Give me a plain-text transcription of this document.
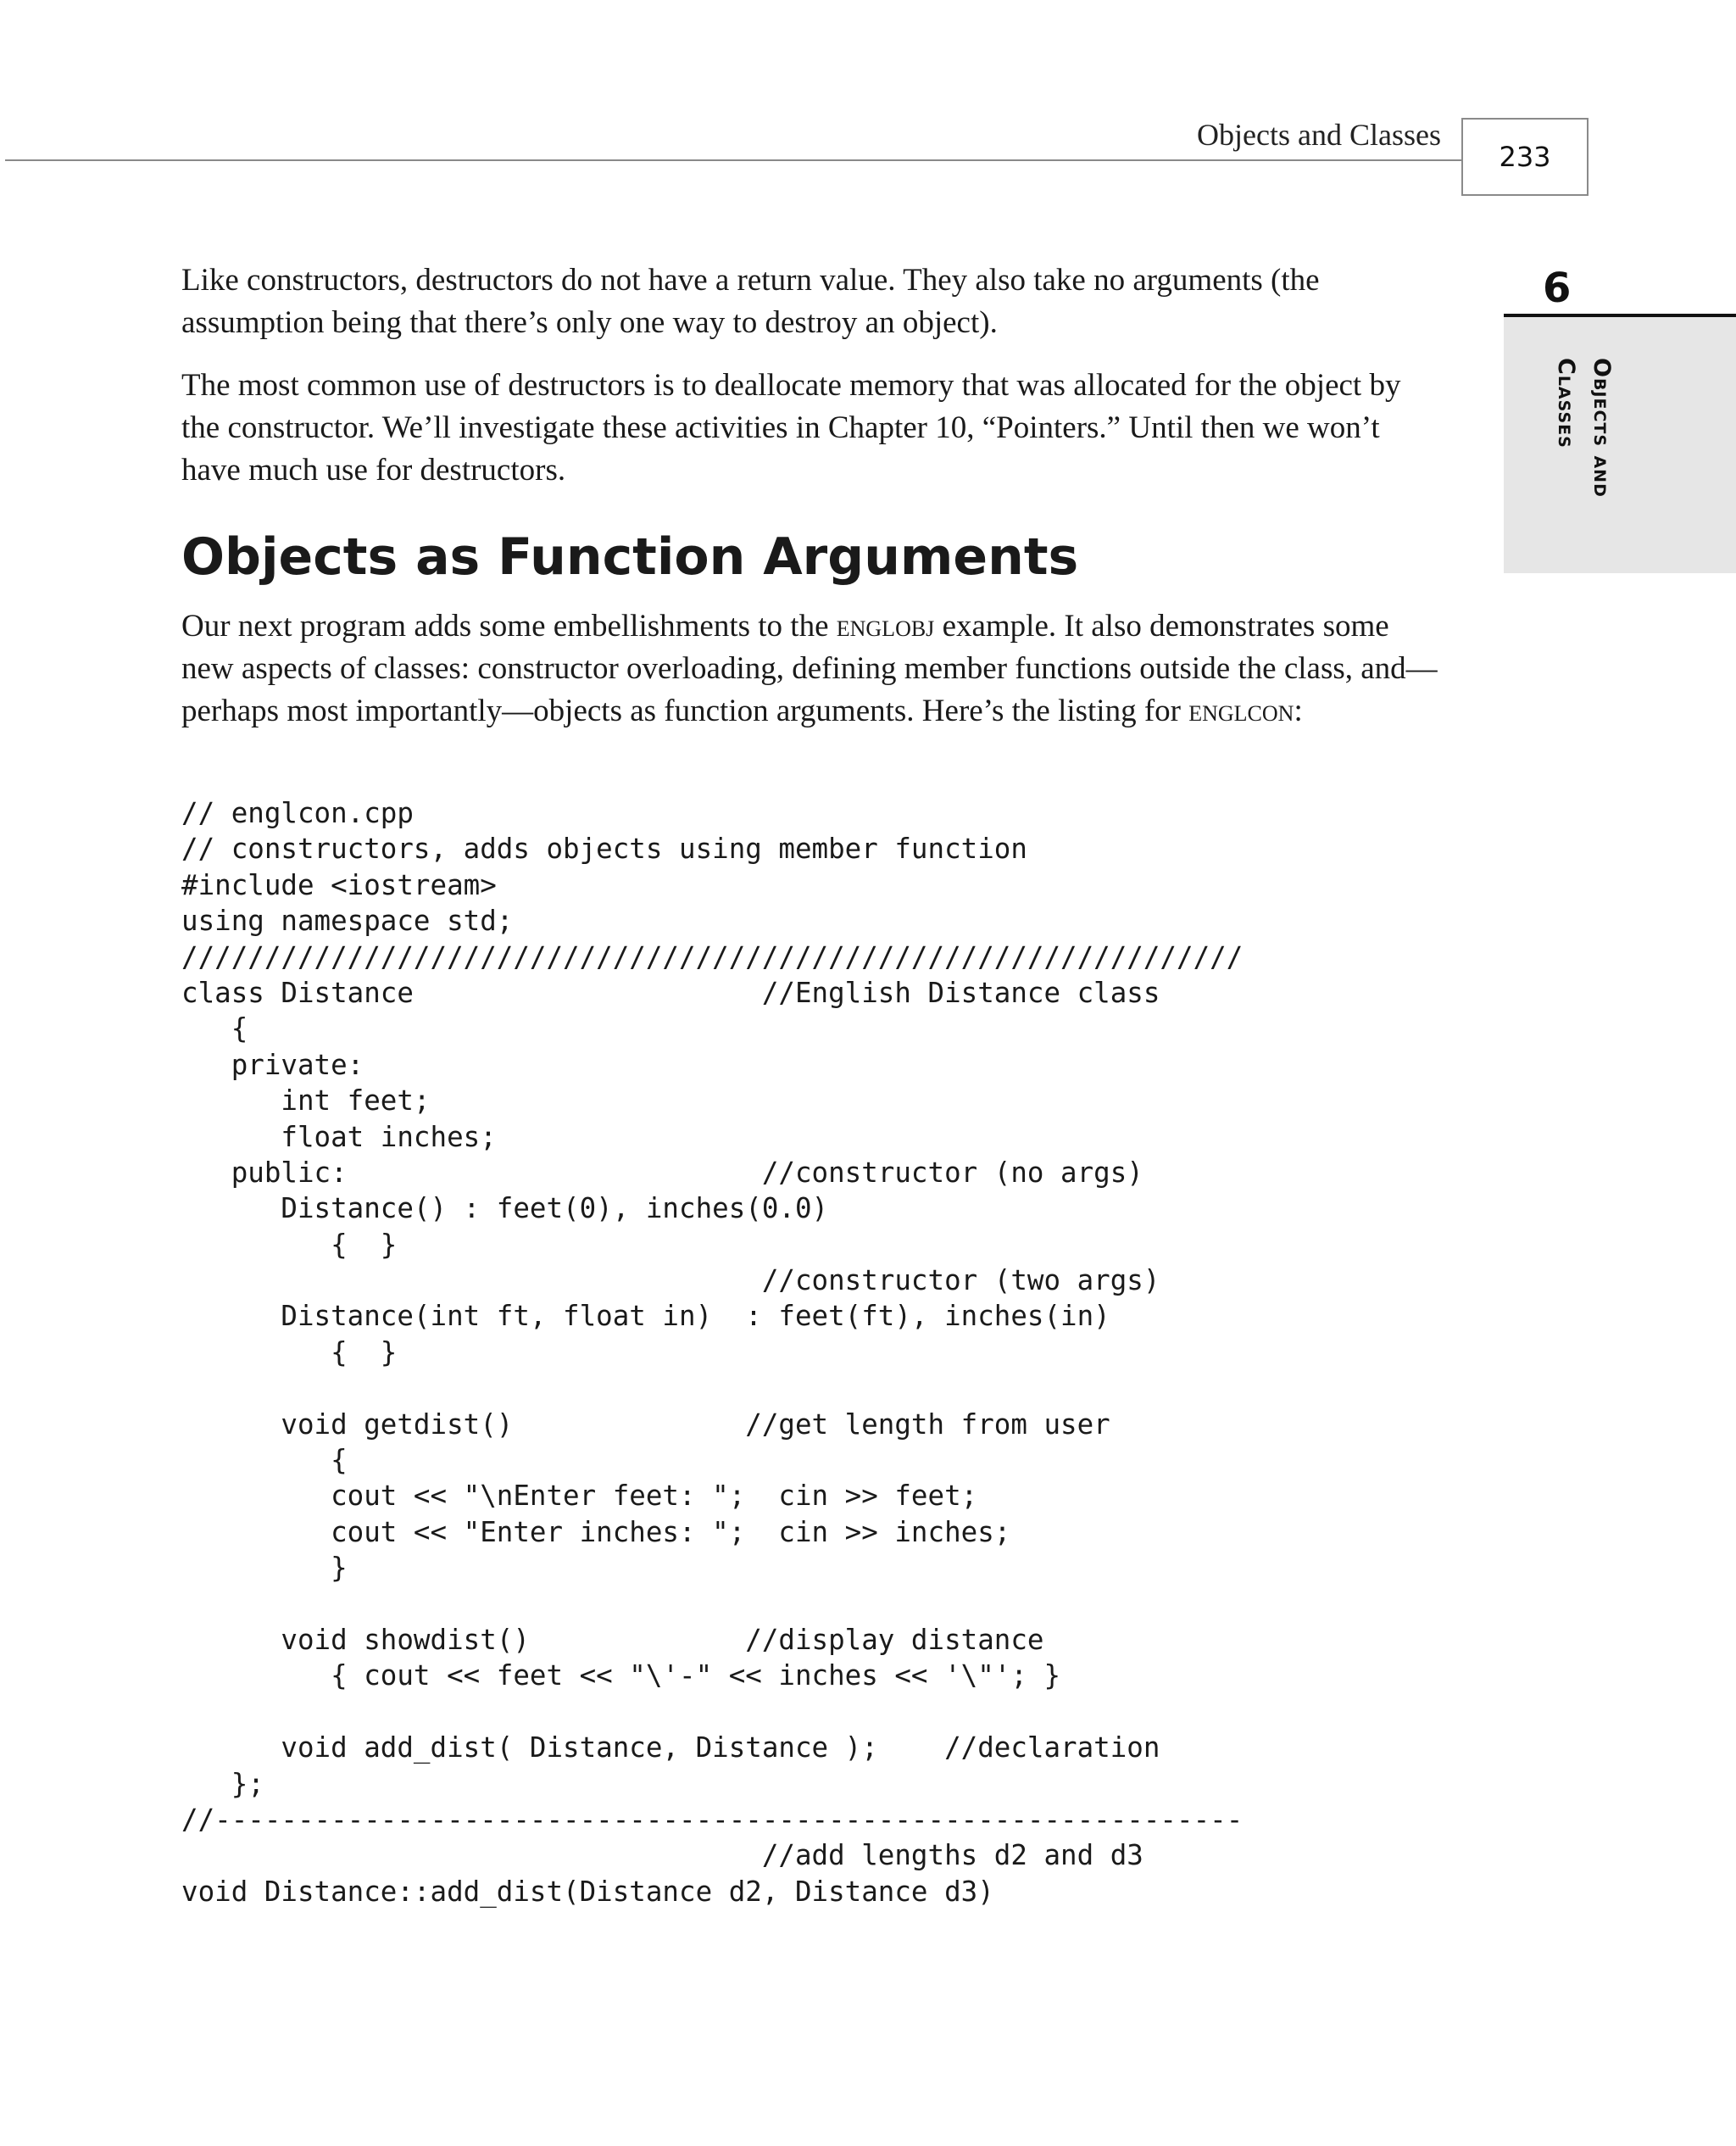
Objects and Classes
233
6
Objects and
Classes

Like constructors, destructors do not have a return value. They also take no arguments (the assumption being that there’s only one way to destroy an object).

The most common use of destructors is to deallocate memory that was allocated for the object by the constructor. We’ll investigate these activities in Chapter 10, “Pointers.” Until then we won’t have much use for destructors.

Objects as Function Arguments

Our next program adds some embellishments to the englobj example. It also demonstrates some new aspects of classes: constructor overloading, defining member functions outside the class, and—perhaps most importantly—objects as function arguments. Here’s the listing for englcon:

// englcon.cpp
// constructors, adds objects using member function
#include <iostream>
using namespace std;
////////////////////////////////////////////////////////////////
class Distance                     //English Distance class
{
private:
int feet;
float inches;
public:                         //constructor (no args)
Distance() : feet(0), inches(0.0)
{  }
//constructor (two args)
Distance(int ft, float in)  : feet(ft), inches(in)
{  }
void getdist()              //get length from user
{
cout << "\nEnter feet: ";  cin >> feet;
cout << "Enter inches: ";  cin >> inches;
}
void showdist()             //display distance
{ cout << feet << "\'-" << inches << '\"'; }
void add_dist( Distance, Distance );    //declaration
};
//--------------------------------------------------------------
//add lengths d2 and d3
void Distance::add_dist(Distance d2, Distance d3)
